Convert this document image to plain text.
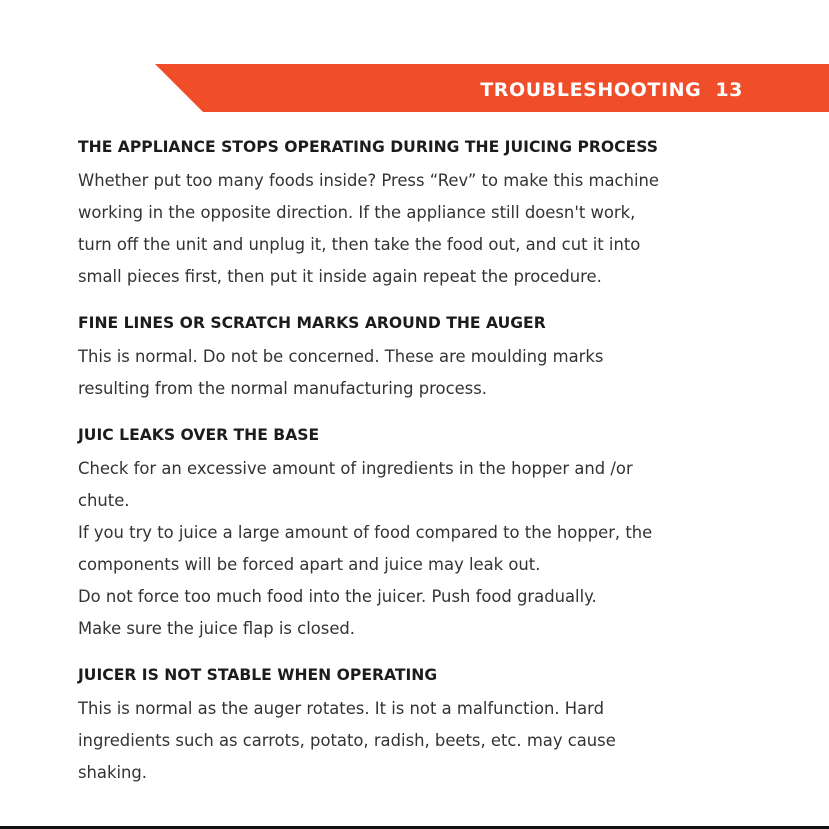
TROUBLESHOOTING 13
THE APPLIANCE STOPS OPERATING DURING THE JUICING PROCESS

Whether put too many foods inside? Press “Rev” to make this machine
working in the opposite direction. If the appliance still doesn't work,
turn off the unit and unplug it, then take the food out, and cut it into
small pieces first, then put it inside again repeat the procedure.

FINE LINES OR SCRATCH MARKS AROUND THE AUGER

This is normal. Do not be concerned. These are moulding marks
resulting from the normal manufacturing process.

JUIC LEAKS OVER THE BASE

Check for an excessive amount of ingredients in the hopper and /or
chute.
If you try to juice a large amount of food compared to the hopper, the
components will be forced apart and juice may leak out.
Do not force too much food into the juicer. Push food gradually.
Make sure the juice flap is closed.

JUICER IS NOT STABLE WHEN OPERATING

This is normal as the auger rotates. It is not a malfunction. Hard
ingredients such as carrots, potato, radish, beets, etc. may cause
shaking.
